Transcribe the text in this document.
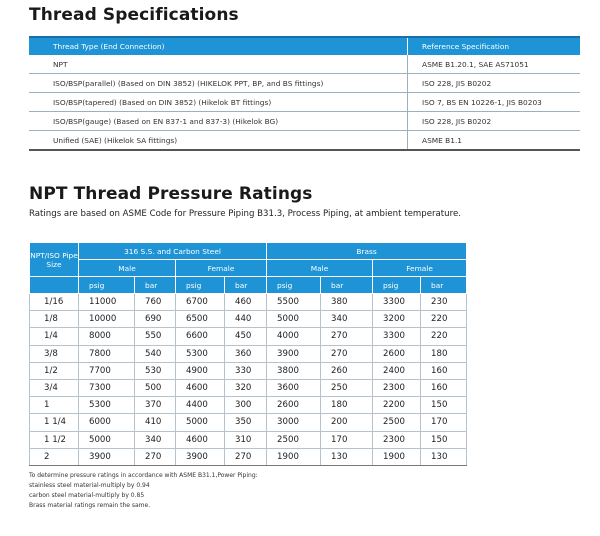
Thread Specifications
Thread Type (End Connection)	Reference Specification
NPT	ASME B1.20.1, SAE AS71051
ISO/BSP(parallel) (Based on DIN 3852) (HIKELOK PPT, BP, and BS fittings)	ISO 228, JIS B0202
ISO/BSP(tapered) (Based on DIN 3852) (Hikelok BT fittings)	ISO 7, BS EN 10226-1, JIS B0203
ISO/BSP(gauge) (Based on EN 837-1 and 837-3) (Hikelok BG)	ISO 228, JIS B0202
Unified (SAE) (Hikelok SA fittings)	ASME B1.1
NPT Thread Pressure Ratings

Ratings are based on ASME Code for Pressure Piping B31.3, Process Piping, at ambient temperature.

NPT/ISO Pipe Size	316 S.S. and Carbon Steel				Brass			
	Male		Female		Male		Female	
	psig	bar	psig	bar	psig	bar	psig	bar
1/16	11000	760	6700	460	5500	380	3300	230
1/8	10000	690	6500	440	5000	340	3200	220
1/4	8000	550	6600	450	4000	270	3300	220
3/8	7800	540	5300	360	3900	270	2600	180
1/2	7700	530	4900	330	3800	260	2400	160
3/4	7300	500	4600	320	3600	250	2300	160
1	5300	370	4400	300	2600	180	2200	150
1 1/4	6000	410	5000	350	3000	200	2500	170
1 1/2	5000	340	4600	310	2500	170	2300	150
2	3900	270	3900	270	1900	130	1900	130
To determine pressure ratings in accordance with ASME B31.1,Power Piping:
stainless steel material-multiply by 0.94
carbon steel material-multiply by 0.85
Brass material ratings remain the same.
